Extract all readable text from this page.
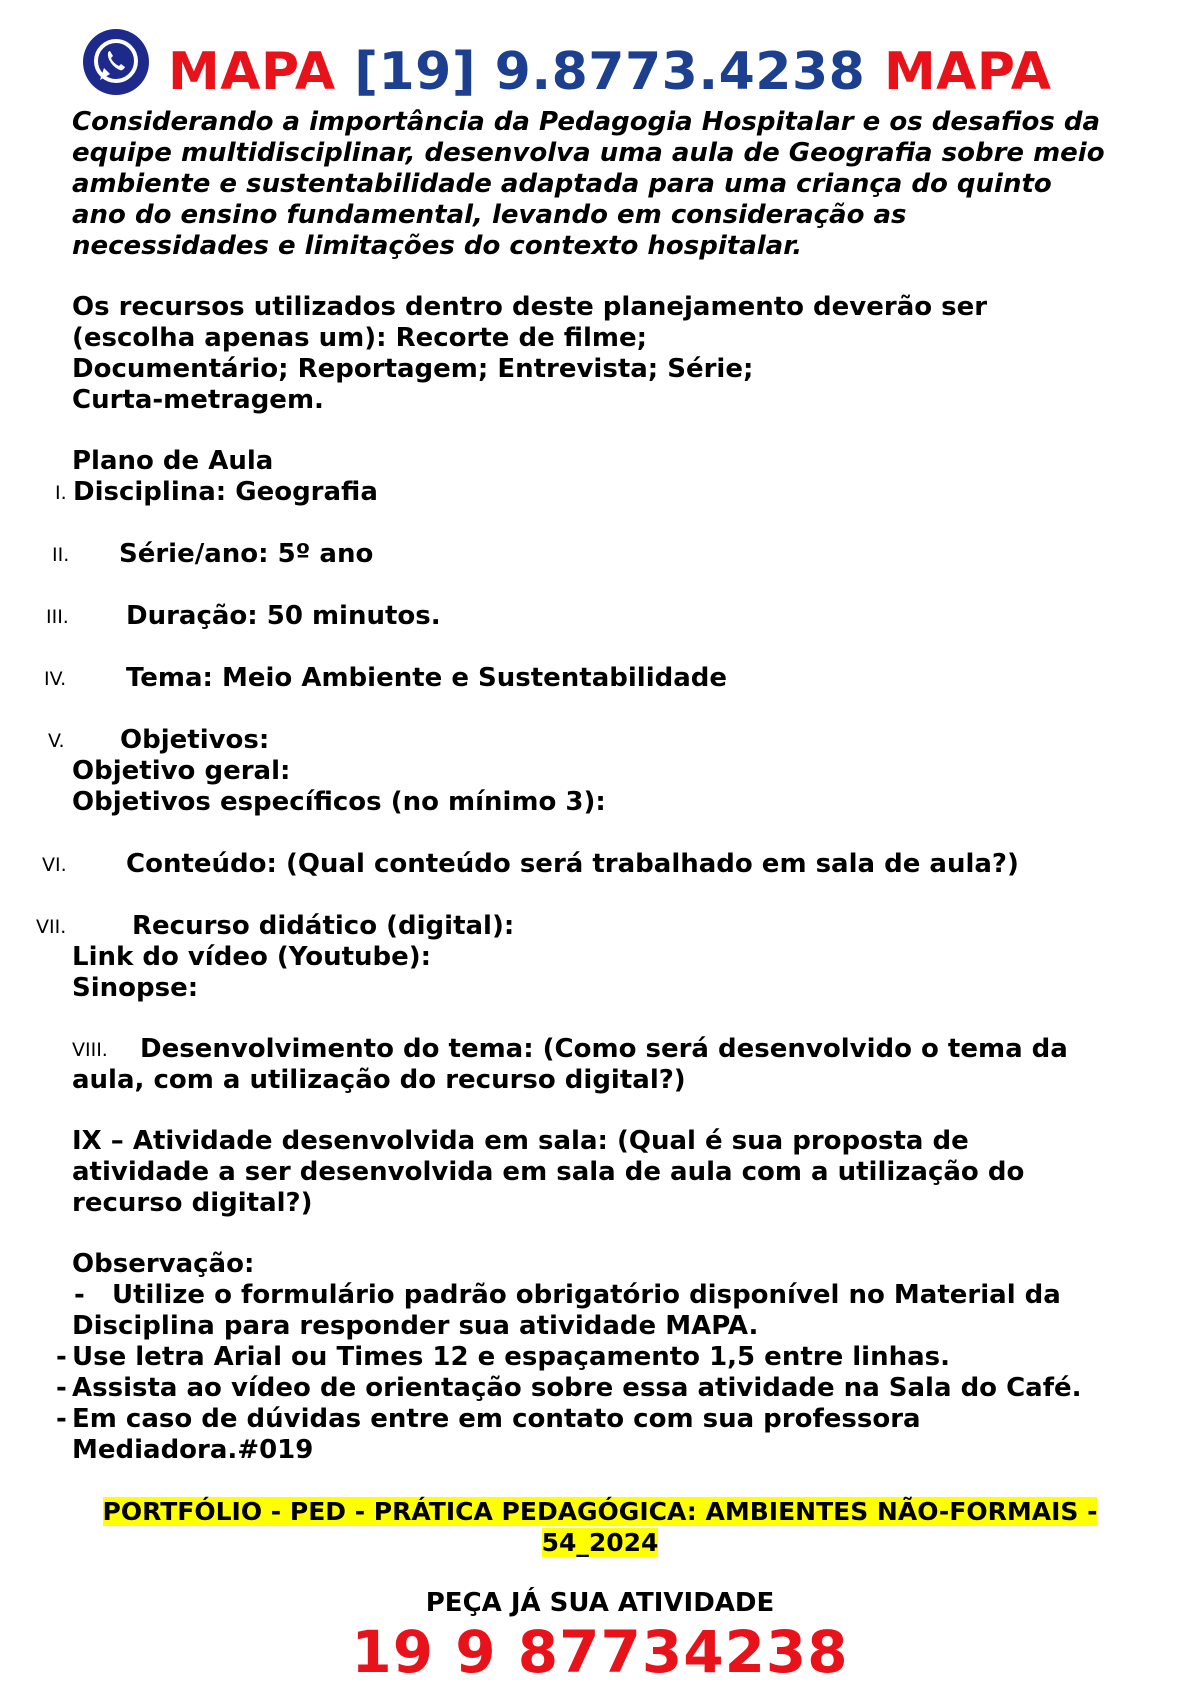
MAPA [19] 9.8773.4238 MAPA
Considerando a importância da Pedagogia Hospitalar e os desafios da
equipe multidisciplinar, desenvolva uma aula de Geografia sobre meio
ambiente e sustentabilidade adaptada para uma criança do quinto
ano do ensino fundamental, levando em consideração as
necessidades e limitações do contexto hospitalar.
Os recursos utilizados dentro deste planejamento deverão ser
(escolha apenas um): Recorte de filme;
Documentário; Reportagem; Entrevista; Série;
Curta-metragem.
Plano de Aula
I. Disciplina: Geografia
II. Série/ano: 5º ano
III. Duração: 50 minutos.
IV. Tema: Meio Ambiente e Sustentabilidade
V. Objetivos:
Objetivo geral:
Objetivos específicos (no mínimo 3):
VI. Conteúdo: (Qual conteúdo será trabalhado em sala de aula?)
VII.	Recurso didático (digital):
Link do vídeo (Youtube):
Sinopse:
VIII. Desenvolvimento do tema: (Como será desenvolvido o tema da
aula, com a utilização do recurso digital?)
IX – Atividade desenvolvida em sala: (Qual é sua proposta de
atividade a ser desenvolvida em sala de aula com a utilização do
recurso digital?)
Observação:
- Utilize o formulário padrão obrigatório disponível no Material da
Disciplina para responder sua atividade MAPA.
- Use letra Arial ou Times 12 e espaçamento 1,5 entre linhas.
- Assista ao vídeo de orientação sobre essa atividade na Sala do Café.
- Em caso de dúvidas entre em contato com sua professora
Mediadora.#019
PORTFÓLIO - PED - PRÁTICA PEDAGÓGICA: AMBIENTES NÃO-FORMAIS -
54_2024
PEÇA JÁ SUA ATIVIDADE
19 9 87734238
